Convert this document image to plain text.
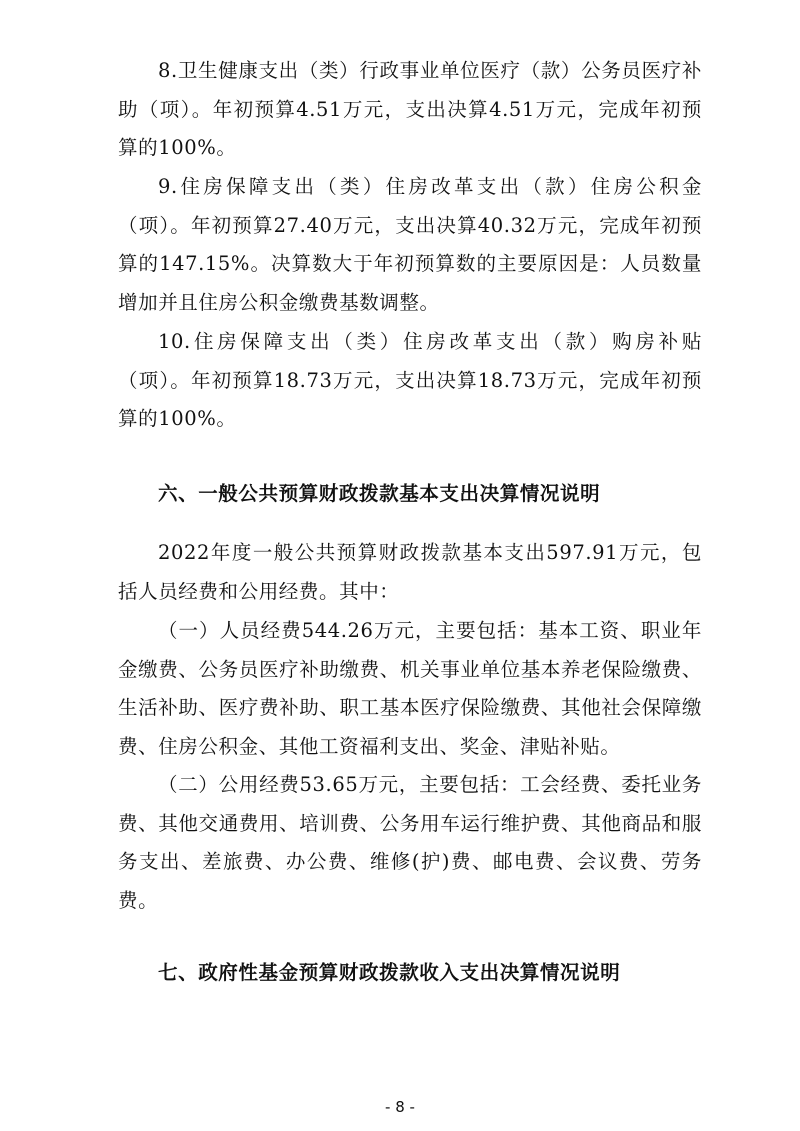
8.卫生健康支出（类）行政事业单位医疗（款）公务员医疗补助（项）。年初预算4.51万元，支出决算4.51万元，完成年初预算的100%。

9.住房保障支出（类）住房改革支出（款）住房公积金（项）。年初预算27.40万元，支出决算40.32万元，完成年初预算的147.15%。决算数大于年初预算数的主要原因是：人员数量增加并且住房公积金缴费基数调整。

10.住房保障支出（类）住房改革支出（款）购房补贴（项）。年初预算18.73万元，支出决算18.73万元，完成年初预算的100%。

六、一般公共预算财政拨款基本支出决算情况说明

2022年度一般公共预算财政拨款基本支出597.91万元，包括人员经费和公用经费。其中：

（一）人员经费544.26万元，主要包括：基本工资、职业年金缴费、公务员医疗补助缴费、机关事业单位基本养老保险缴费、生活补助、医疗费补助、职工基本医疗保险缴费、其他社会保障缴费、住房公积金、其他工资福利支出、奖金、津贴补贴。

（二）公用经费53.65万元，主要包括：工会经费、委托业务费、其他交通费用、培训费、公务用车运行维护费、其他商品和服务支出、差旅费、办公费、维修(护)费、邮电费、会议费、劳务费。

七、政府性基金预算财政拨款收入支出决算情况说明
- 8 -
